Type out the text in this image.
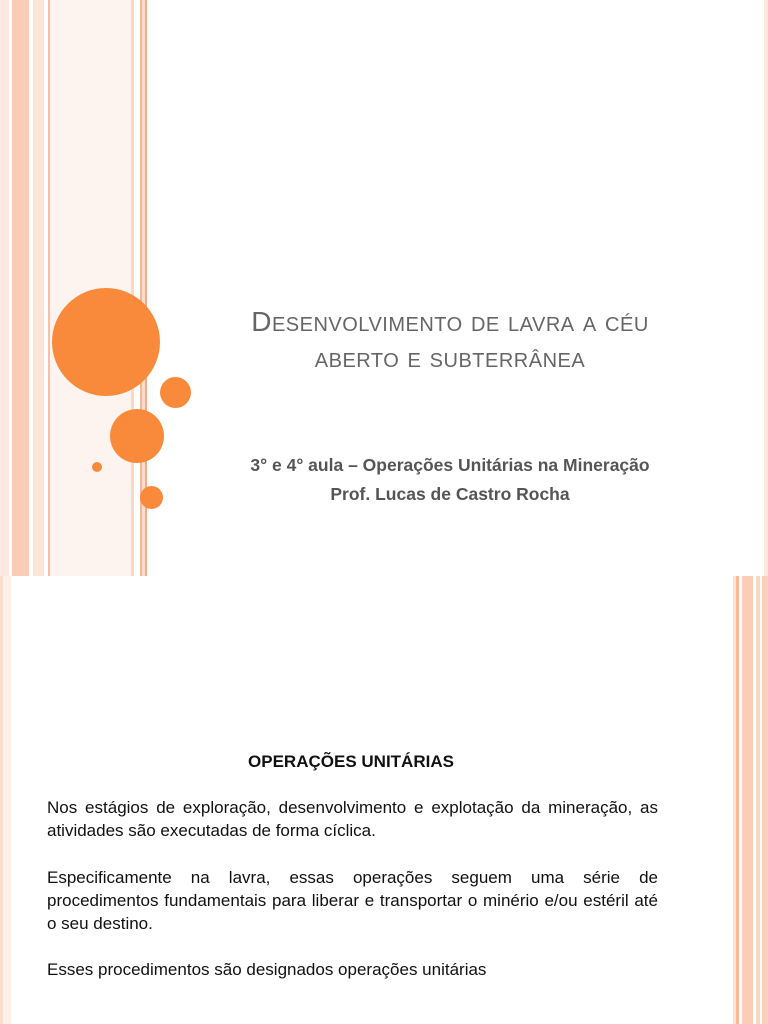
Desenvolvimento de lavra a céu
aberto e subterrânea
3° e 4° aula – Operações Unitárias na Mineração
Prof. Lucas de Castro Rocha
OPERAÇÕES UNITÁRIAS
Nos estágios de exploração, desenvolvimento e explotação da mineração, as atividades são executadas de forma cíclica.
Especificamente na lavra, essas operações seguem uma série de procedimentos fundamentais para liberar e transportar o minério e/ou estéril até o seu destino.
Esses procedimentos são designados operações unitárias
